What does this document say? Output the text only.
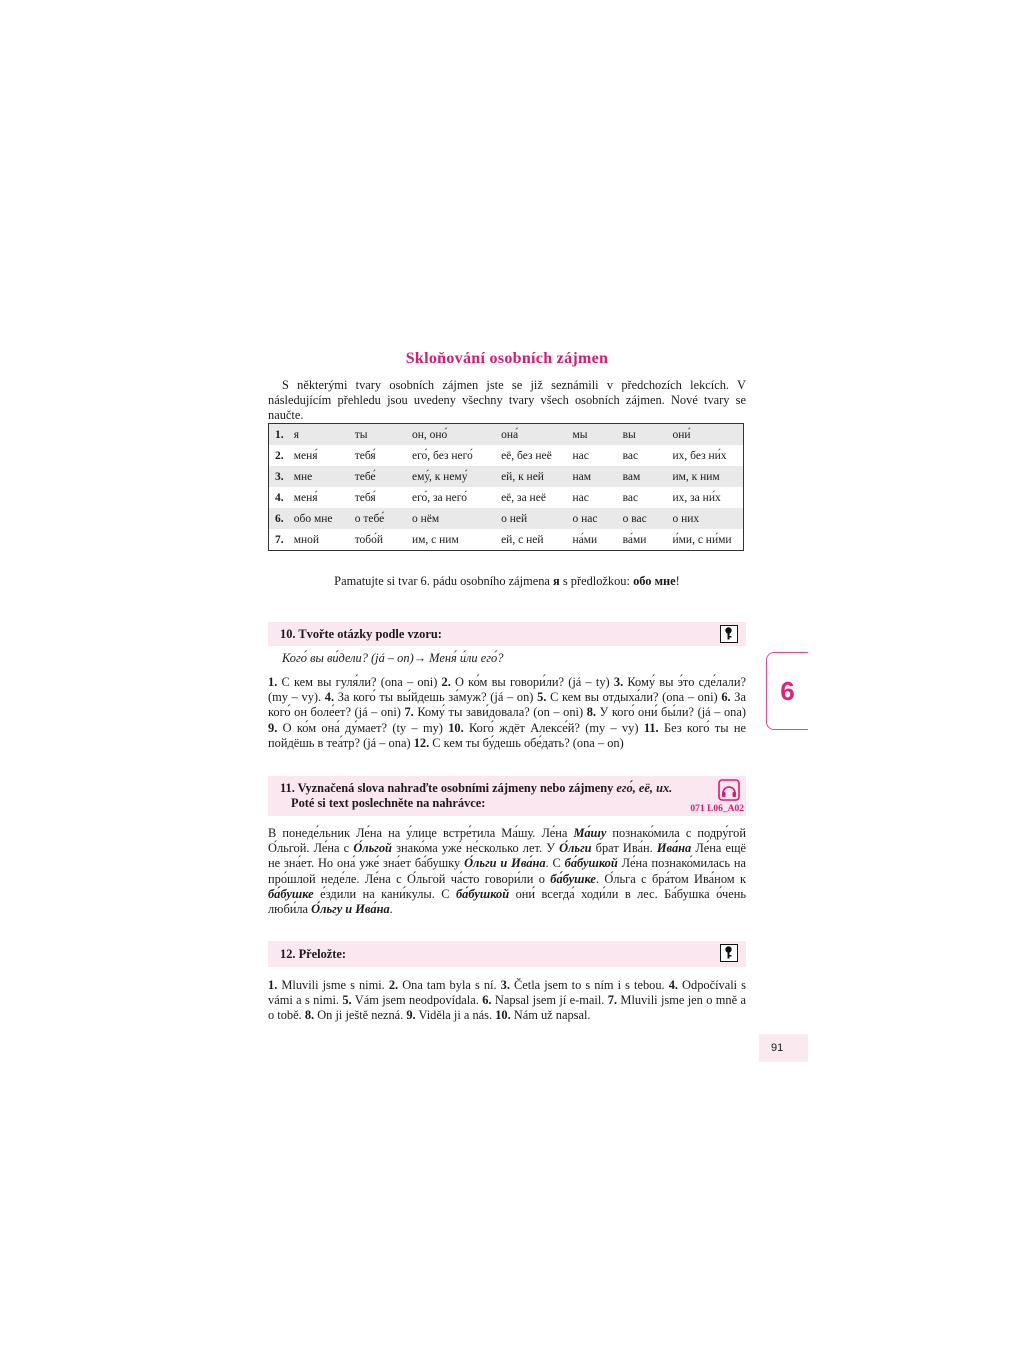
Skloňování osobních zájmen

S některými tvary osobních zájmen jste se již seznámili v předchozích lekcích. V následujícím přehledu jsou uvedeny všechny tvary všech osobních zájmen. Nové tvary se naučte.

1.	я	ты	он, оно́	она́	мы	вы	они́
2.	меня́	тебя́	его́, без него́	её, без неё	нас	вас	их, без ни́х
3.	мне	тебе́	ему́, к нему́	ей, к ней	нам	вам	им, к ним
4.	меня́	тебя́	его́, за него́	её, за неё	нас	вас	их, за ни́х
6.	обо мне	о тебе́	о нём	о ней	о нас	о вас	о них
7.	мной	тобо́й	им, с ним	ей, с ней	на́ми	ва́ми	и́ми, с ни́ми
Pamatujte si tvar 6. pádu osobního zájmena я s předložkou: обо мне!
10. Tvořte otázky podle vzoru:
Кого́ вы ви́дели? (já – on)→ Меня́ и́ли его́?
1. С кем вы гуля́ли? (ona – oni) 2. О ко́м вы говори́ли? (já – ty) 3. Кому́ вы э́то сде́лали? (my – vy). 4. За кого́ ты вы́йдешь за́муж? (já – on) 5. С кем вы отдыха́ли? (ona – oni) 6. За кого́ он боле́ет? (já – oni) 7. Кому́ ты зави́довала? (on – oni) 8. У кого́ они́ бы́ли? (já – ona) 9. О ко́м она́ ду́мает? (ty – my) 10. Кого́ ждёт Алексе́й? (my – vy) 11. Без кого́ ты не пойдёшь в теа́тр? (já – ona) 12. С кем ты бу́дешь обе́дать? (ona – on)
11. Vyznačená slova nahraďte osobními zájmeny nebo zájmeny его́, её, их.
Poté si text poslechněte na nahrávce:	071 L06_A02
В понеде́льник Ле́на на у́лице встре́тила Ма́шу. Ле́на Ма́шу познако́мила с подру́гой О́льгой. Ле́на с О́льгой знако́ма уже́ не́сколько лет. У О́льги брат Ива́н. Ива́на Ле́на ещё не зна́ет. Но она́ уже́ зна́ет ба́бушку О́льги и Ива́на. С ба́бушкой Ле́на познако́милась на про́шлой неде́ле. Ле́на с О́льгой ча́сто говори́ли о ба́бушке. О́льга с бра́том Ива́ном к ба́бушке е́здили на кани́кулы. С ба́бушкой они́ всегда́ ходи́ли в лес. Ба́бушка о́чень люби́ла О́льгу и Ива́на.
12. Přeložte:
1. Mluvili jsme s nimi. 2. Ona tam byla s ní. 3. Četla jsem to s ním i s tebou. 4. Odpočívali s vámi a s nimi. 5. Vám jsem neodpovídala. 6. Napsal jsem jí e-mail. 7. Mluvili jsme jen o mně a o tobě. 8. On ji ještě nezná. 9. Viděla ji a nás. 10. Nám už napsal.
6
91
